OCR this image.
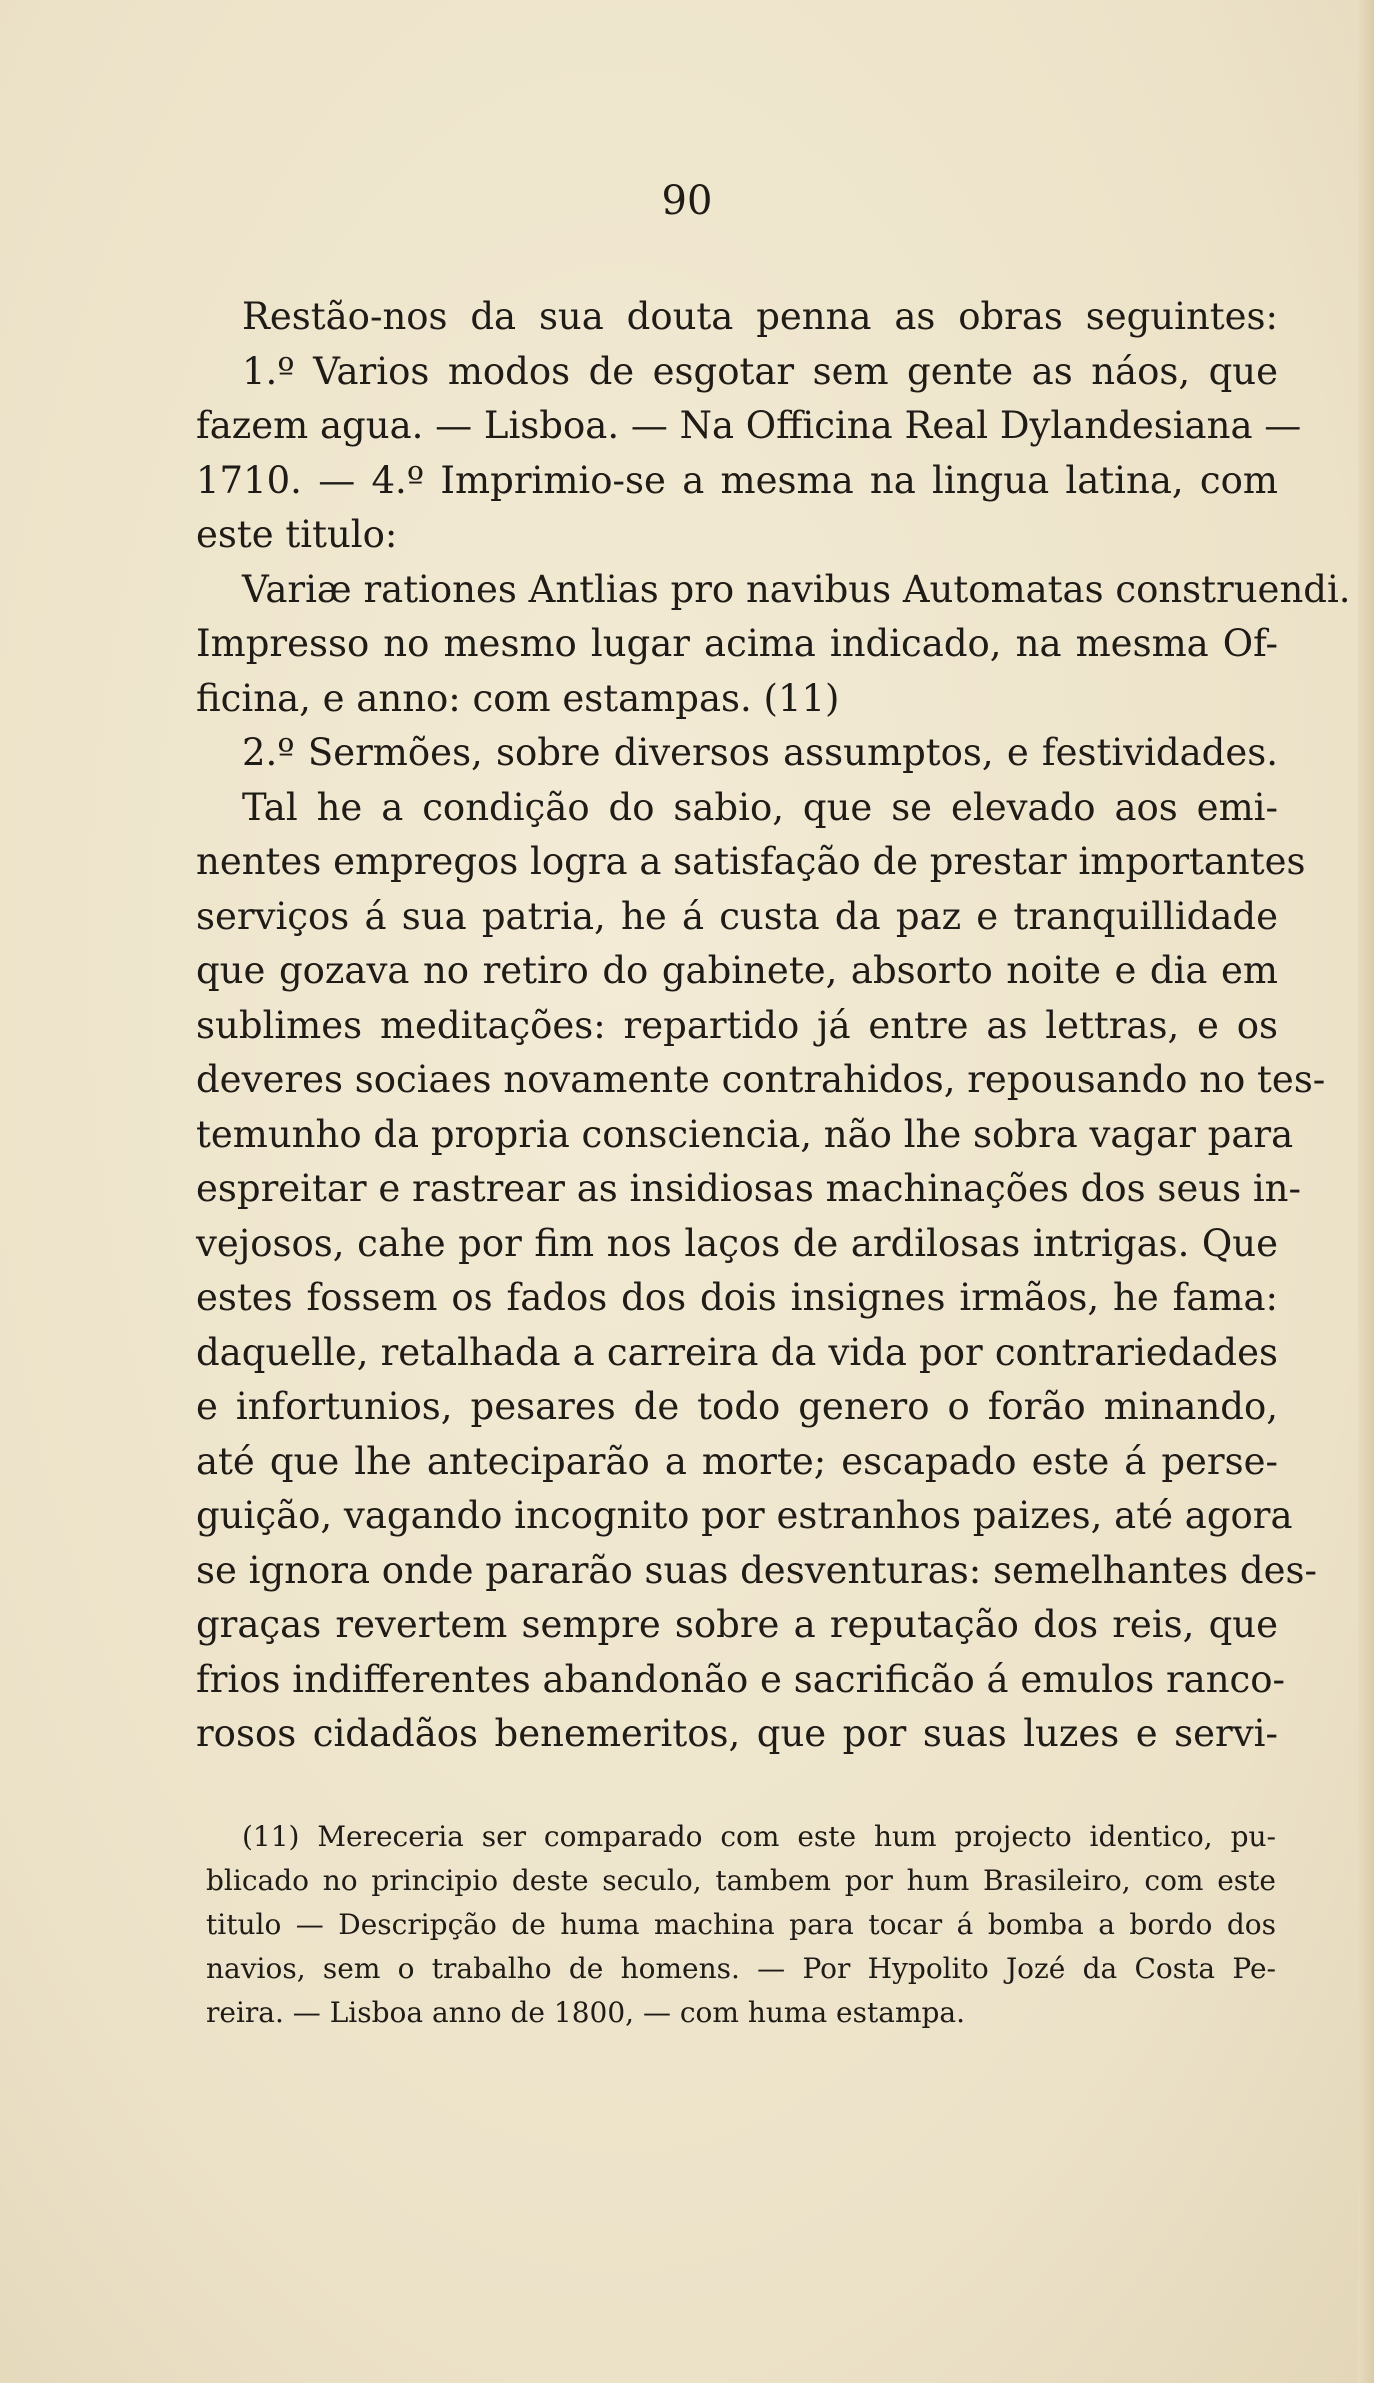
90
Restão-nos da sua douta penna as obras seguintes:
1.º Varios modos de esgotar sem gente as náos, que
fazem agua. — Lisboa. — Na Officina Real Dylandesiana —
1710. — 4.º Imprimio-se a mesma na lingua latina, com
este titulo:
Variæ rationes Antlias pro navibus Automatas construendi.
Impresso no mesmo lugar acima indicado, na mesma Of-
ficina, e anno: com estampas. (11)
2.º Sermões, sobre diversos assumptos, e festividades.
Tal he a condição do sabio, que se elevado aos emi-
nentes empregos logra a satisfação de prestar importantes
serviços á sua patria, he á custa da paz e tranquillidade
que gozava no retiro do gabinete, absorto noite e dia em
sublimes meditações: repartido já entre as lettras, e os
deveres sociaes novamente contrahidos, repousando no tes-
temunho da propria consciencia, não lhe sobra vagar para
espreitar e rastrear as insidiosas machinações dos seus in-
vejosos, cahe por fim nos laços de ardilosas intrigas. Que
estes fossem os fados dos dois insignes irmãos, he fama:
daquelle, retalhada a carreira da vida por contrariedades
e infortunios, pesares de todo genero o forão minando,
até que lhe anteciparão a morte; escapado este á perse-
guição, vagando incognito por estranhos paizes, até agora
se ignora onde pararão suas desventuras: semelhantes des-
graças revertem sempre sobre a reputação dos reis, que
frios indifferentes abandonão e sacrificão á emulos ranco-
rosos cidadãos benemeritos, que por suas luzes e servi-
(11) Mereceria ser comparado com este hum projecto identico, pu-
blicado no principio deste seculo, tambem por hum Brasileiro, com este
titulo — Descripção de huma machina para tocar á bomba a bordo dos
navios, sem o trabalho de homens. — Por Hypolito Jozé da Costa Pe-
reira. — Lisboa anno de 1800, — com huma estampa.
